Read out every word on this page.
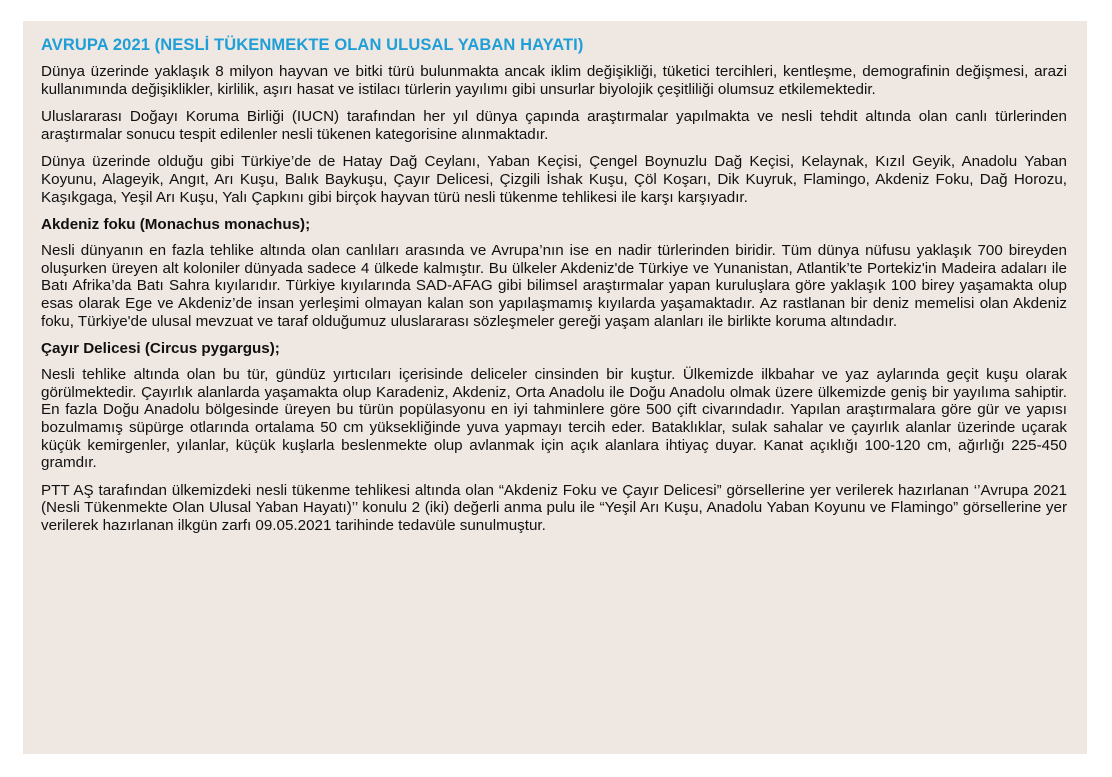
AVRUPA 2021 (NESLİ TÜKENMEKTE OLAN ULUSAL YABAN HAYATI)
Dünya üzerinde yaklaşık 8 milyon hayvan ve bitki türü bulunmakta ancak iklim değişikliği, tüketici tercihleri, kentleşme, demografinin değişmesi, arazi kullanımında değişiklikler, kirlilik, aşırı hasat ve istilacı türlerin yayılımı gibi unsurlar biyolojik çeşitliliği olumsuz etkilemektedir.
Uluslararası Doğayı Koruma Birliği (IUCN) tarafından her yıl dünya çapında araştırmalar yapılmakta ve nesli tehdit altında olan canlı türlerinden araştırmalar sonucu tespit edilenler nesli tükenen kategorisine alınmaktadır.
Dünya üzerinde olduğu gibi Türkiye’de de Hatay Dağ Ceylanı, Yaban Keçisi, Çengel Boynuzlu Dağ Keçisi, Kelaynak, Kızıl Geyik, Anadolu Yaban Koyunu, Alageyik, Angıt, Arı Kuşu, Balık Baykuşu, Çayır Delicesi, Çizgili İshak Kuşu, Çöl Koşarı, Dik Kuyruk, Flamingo, Akdeniz Foku, Dağ Horozu, Kaşıkgaga, Yeşil Arı Kuşu, Yalı Çapkını gibi birçok hayvan türü nesli tükenme tehlikesi ile karşı karşıyadır.
Akdeniz foku (Monachus monachus);
Nesli dünyanın en fazla tehlike altında olan canlıları arasında ve Avrupa’nın ise en nadir türlerinden biridir. Tüm dünya nüfusu yaklaşık 700 bireyden oluşurken üreyen alt koloniler dünyada sadece 4 ülkede kalmıştır. Bu ülkeler Akdeniz'de Türkiye ve Yunanistan, Atlantik’te Portekiz'in Madeira adaları ile Batı Afrika’da Batı Sahra kıyılarıdır. Türkiye kıyılarında SAD-AFAG gibi bilimsel araştırmalar yapan kuruluşlara göre yaklaşık 100 birey yaşamakta olup esas olarak Ege ve Akdeniz’de insan yerleşimi olmayan kalan son yapılaşmamış kıyılarda yaşamaktadır. Az rastlanan bir deniz memelisi olan Akdeniz foku, Türkiye'de ulusal mevzuat ve taraf olduğumuz uluslararası sözleşmeler gereği yaşam alanları ile birlikte koruma altındadır.
Çayır Delicesi (Circus pygargus);
Nesli tehlike altında olan bu tür, gündüz yırtıcıları içerisinde deliceler cinsinden bir kuştur. Ülkemizde ilkbahar ve yaz aylarında geçit kuşu olarak görülmektedir. Çayırlık alanlarda yaşamakta olup Karadeniz, Akdeniz, Orta Anadolu ile Doğu Anadolu olmak üzere ülkemizde geniş bir yayılıma sahiptir. En fazla Doğu Anadolu bölgesinde üreyen bu türün popülasyonu en iyi tahminlere göre 500 çift civarındadır. Yapılan araştırmalara göre gür ve yapısı bozulmamış süpürge otlarında ortalama 50 cm yüksekliğinde yuva yapmayı tercih eder. Bataklıklar, sulak sahalar ve çayırlık alanlar üzerinde uçarak küçük kemirgenler, yılanlar, küçük kuşlarla beslenmekte olup avlanmak için açık alanlara ihtiyaç duyar. Kanat açıklığı 100-120 cm, ağırlığı 225-450 gramdır.
PTT AŞ tarafından ülkemizdeki nesli tükenme tehlikesi altında olan “Akdeniz Foku ve Çayır Delicesi” görsellerine yer verilerek hazırlanan ‘’Avrupa 2021 (Nesli Tükenmekte Olan Ulusal Yaban Hayatı)’’ konulu 2 (iki) değerli anma pulu ile “Yeşil Arı Kuşu, Anadolu Yaban Koyunu ve Flamingo” görsellerine yer verilerek hazırlanan ilkgün zarfı 09.05.2021 tarihinde tedavüle sunulmuştur.
